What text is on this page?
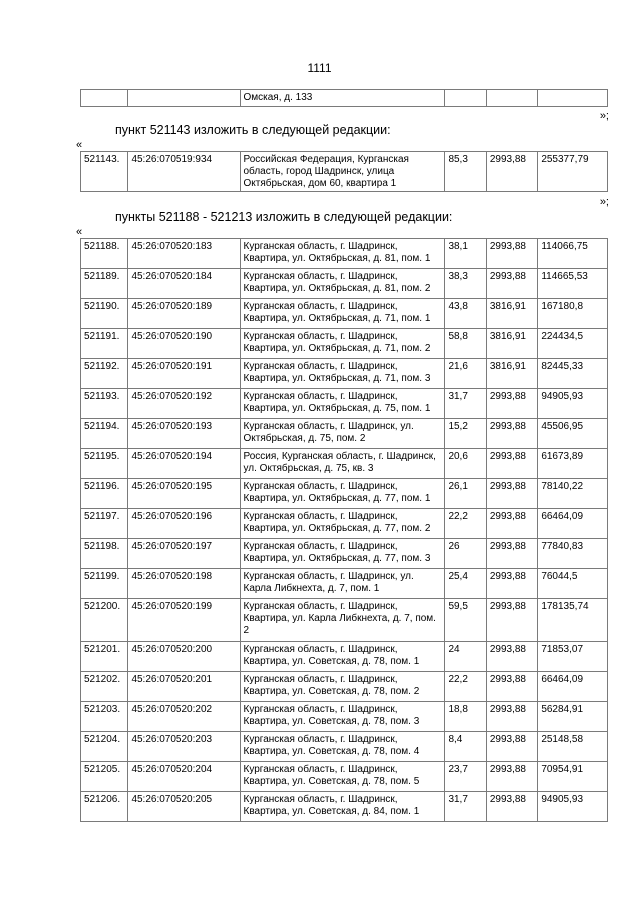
1111
		Омская, д. 133			
»;
пункт 521143 изложить в следующей редакции:
«
521143.	45:26:070519:934	Российская Федерация, Курганская область, город Шадринск, улица Октябрьская, дом 60, квартира 1	85,3	2993,88	255377,79
»;
пункты 521188 - 521213 изложить в следующей редакции:
«
521188.	45:26:070520:183	Курганская область, г. Шадринск, Квартира, ул. Октябрьская, д. 81, пом. 1	38,1	2993,88	114066,75
521189.	45:26:070520:184	Курганская область, г. Шадринск, Квартира, ул. Октябрьская, д. 81, пом. 2	38,3	2993,88	114665,53
521190.	45:26:070520:189	Курганская область, г. Шадринск, Квартира, ул. Октябрьская, д. 71, пом. 1	43,8	3816,91	167180,8
521191.	45:26:070520:190	Курганская область, г. Шадринск, Квартира, ул. Октябрьская, д. 71, пом. 2	58,8	3816,91	224434,5
521192.	45:26:070520:191	Курганская область, г. Шадринск, Квартира, ул. Октябрьская, д. 71, пом. 3	21,6	3816,91	82445,33
521193.	45:26:070520:192	Курганская область, г. Шадринск, Квартира, ул. Октябрьская, д. 75, пом. 1	31,7	2993,88	94905,93
521194.	45:26:070520:193	Курганская область, г. Шадринск, ул. Октябрьская, д. 75, пом. 2	15,2	2993,88	45506,95
521195.	45:26:070520:194	Россия, Курганская область, г. Шадринск, ул. Октябрьская, д. 75, кв. 3	20,6	2993,88	61673,89
521196.	45:26:070520:195	Курганская область, г. Шадринск, Квартира, ул. Октябрьская, д. 77, пом. 1	26,1	2993,88	78140,22
521197.	45:26:070520:196	Курганская область, г. Шадринск, Квартира, ул. Октябрьская, д. 77, пом. 2	22,2	2993,88	66464,09
521198.	45:26:070520:197	Курганская область, г. Шадринск, Квартира, ул. Октябрьская, д. 77, пом. 3	26	2993,88	77840,83
521199.	45:26:070520:198	Курганская область, г. Шадринск, ул. Карла Либкнехта, д. 7, пом. 1	25,4	2993,88	76044,5
521200.	45:26:070520:199	Курганская область, г. Шадринск, Квартира, ул. Карла Либкнехта, д. 7, пом. 2	59,5	2993,88	178135,74
521201.	45:26:070520:200	Курганская область, г. Шадринск, Квартира, ул. Советская, д. 78, пом. 1	24	2993,88	71853,07
521202.	45:26:070520:201	Курганская область, г. Шадринск, Квартира, ул. Советская, д. 78, пом. 2	22,2	2993,88	66464,09
521203.	45:26:070520:202	Курганская область, г. Шадринск, Квартира, ул. Советская, д. 78, пом. 3	18,8	2993,88	56284,91
521204.	45:26:070520:203	Курганская область, г. Шадринск, Квартира, ул. Советская, д. 78, пом. 4	8,4	2993,88	25148,58
521205.	45:26:070520:204	Курганская область, г. Шадринск, Квартира, ул. Советская, д. 78, пом. 5	23,7	2993,88	70954,91
521206.	45:26:070520:205	Курганская область, г. Шадринск, Квартира, ул. Советская, д. 84, пом. 1	31,7	2993,88	94905,93
